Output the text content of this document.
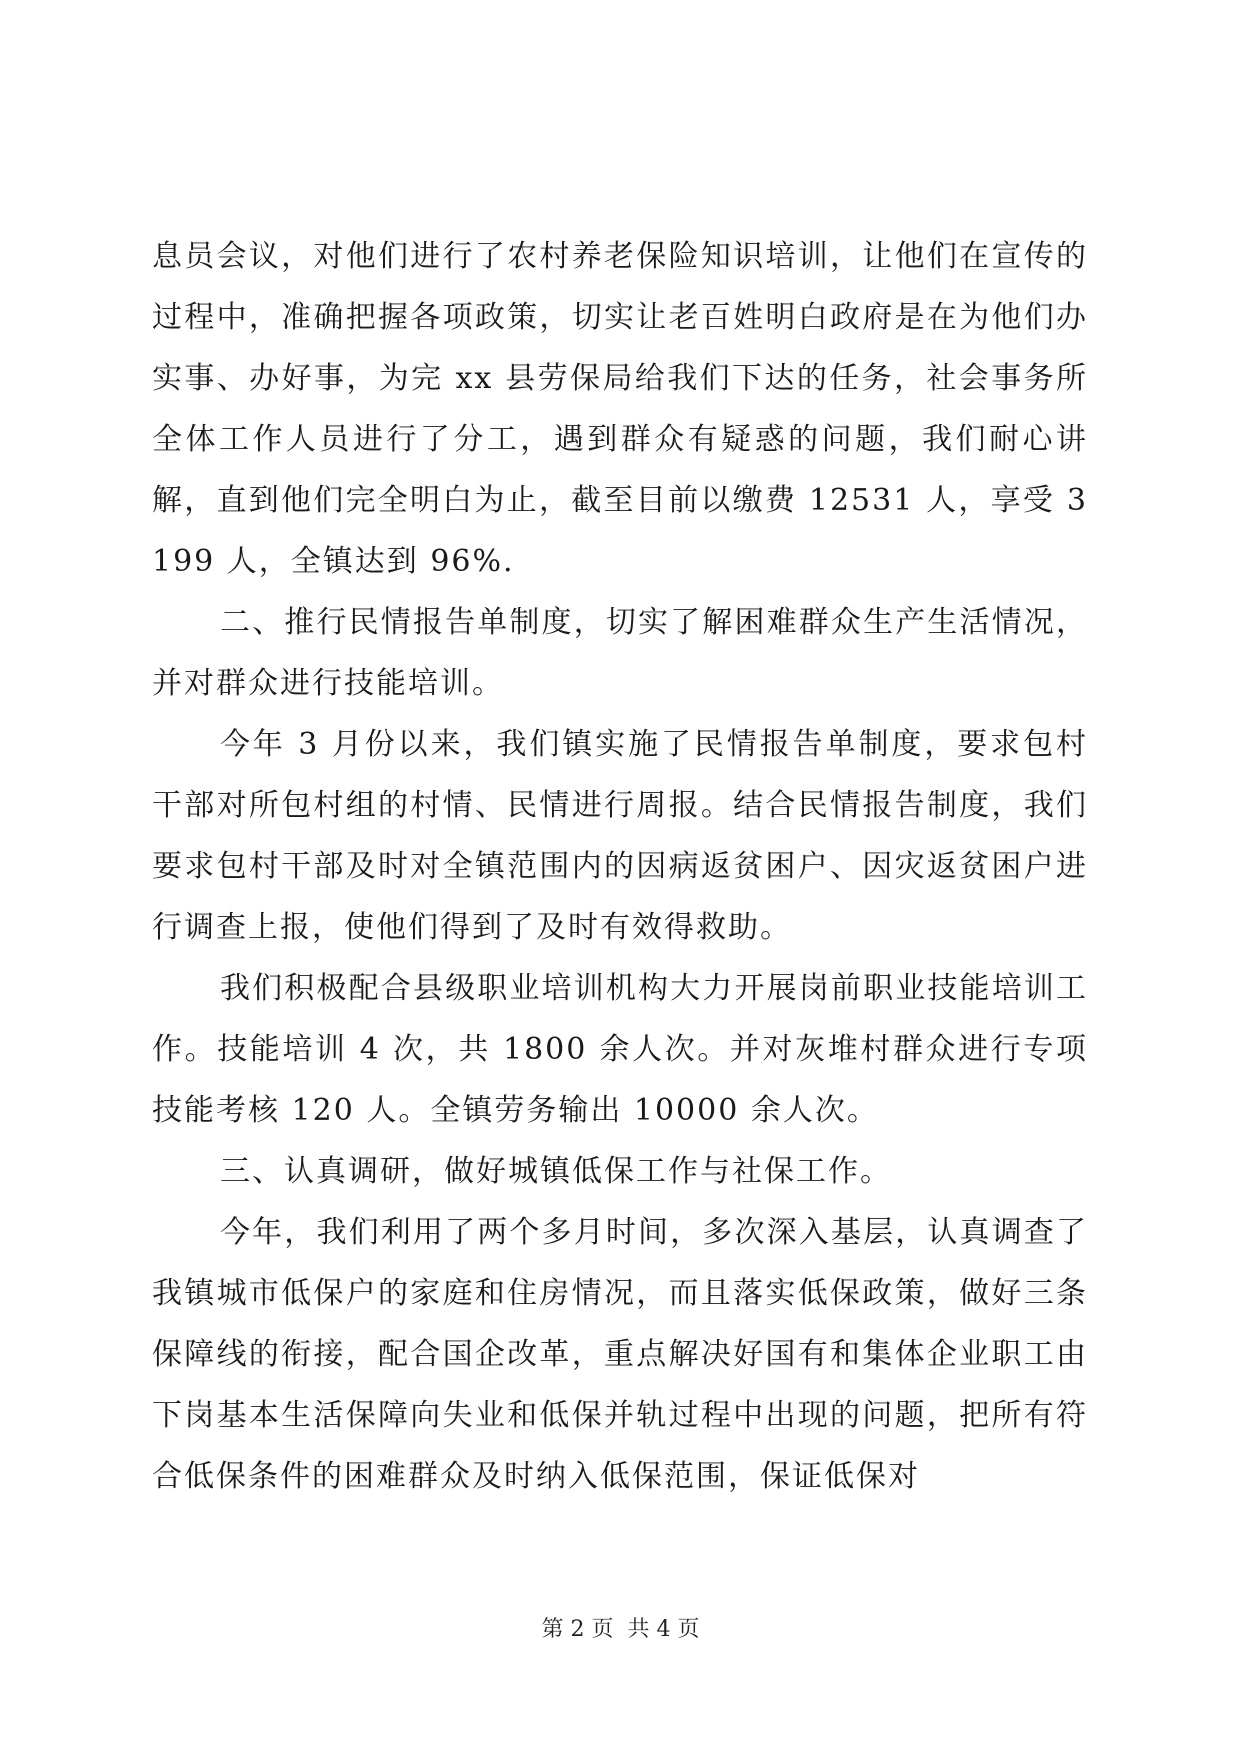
息员会议，对他们进行了农村养老保险知识培训，让他们在宣传的过程中，准确把握各项政策，切实让老百姓明白政府是在为他们办实事、办好事，为完 xx 县劳保局给我们下达的任务，社会事务所全体工作人员进行了分工，遇到群众有疑惑的问题，我们耐心讲解，直到他们完全明白为止，截至目前以缴费 12531 人，享受 3199 人，全镇达到 96%.

二、推行民情报告单制度，切实了解困难群众生产生活情况，并对群众进行技能培训。

今年 3 月份以来，我们镇实施了民情报告单制度，要求包村干部对所包村组的村情、民情进行周报。结合民情报告制度，我们要求包村干部及时对全镇范围内的因病返贫困户、因灾返贫困户进行调查上报，使他们得到了及时有效得救助。

我们积极配合县级职业培训机构大力开展岗前职业技能培训工作。技能培训 4 次，共 1800 余人次。并对灰堆村群众进行专项技能考核 120 人。全镇劳务输出 10000 余人次。

三、认真调研，做好城镇低保工作与社保工作。

今年，我们利用了两个多月时间，多次深入基层，认真调查了我镇城市低保户的家庭和住房情况，而且落实低保政策，做好三条保障线的衔接，配合国企改革，重点解决好国有和集体企业职工由下岗基本生活保障向失业和低保并轨过程中出现的问题，把所有符合低保条件的困难群众及时纳入低保范围，保证低保对

第 2 页 共 4 页
